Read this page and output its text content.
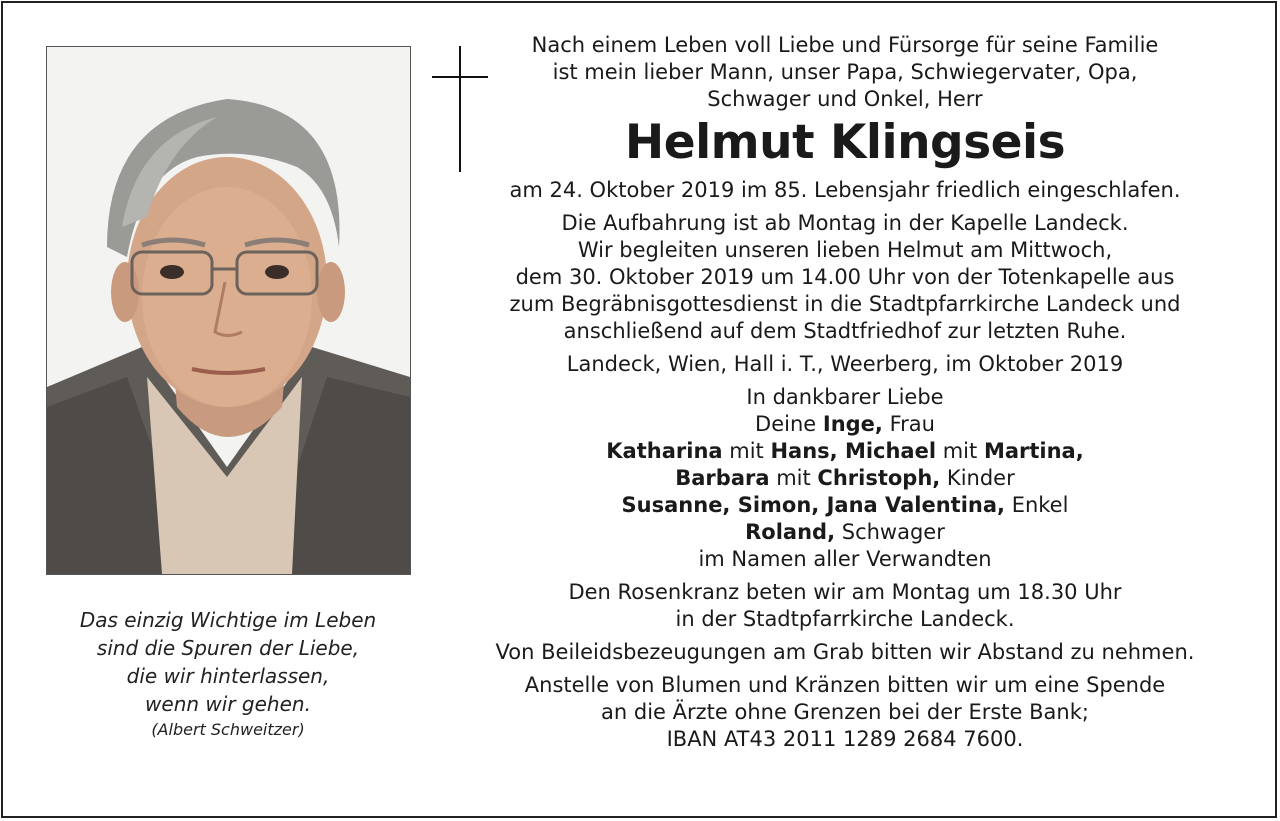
Das einzig Wichtige im Leben
sind die Spuren der Liebe,
die wir hinterlassen,
wenn wir gehen.
(Albert Schweitzer)

Nach einem Leben voll Liebe und Fürsorge für seine Familie

ist mein lieber Mann, unser Papa, Schwiegervater, Opa,

Schwager und Onkel, Herr

Helmut Klingseis

am 24. Oktober 2019 im 85. Lebensjahr friedlich eingeschlafen.

Die Aufbahrung ist ab Montag in der Kapelle Landeck.

Wir begleiten unseren lieben Helmut am Mittwoch,

dem 30. Oktober 2019 um 14.00 Uhr von der Totenkapelle aus

zum Begräbnisgottesdienst in die Stadtpfarrkirche Landeck und

anschließend auf dem Stadtfriedhof zur letzten Ruhe.

Landeck, Wien, Hall i. T., Weerberg, im Oktober 2019

In dankbarer Liebe

Deine Inge, Frau

Katharina mit Hans, Michael mit Martina,

Barbara mit Christoph, Kinder

Susanne, Simon, Jana Valentina, Enkel

Roland, Schwager

im Namen aller Verwandten

Den Rosenkranz beten wir am Montag um 18.30 Uhr

in der Stadtpfarrkirche Landeck.

Von Beileidsbezeugungen am Grab bitten wir Abstand zu nehmen.

Anstelle von Blumen und Kränzen bitten wir um eine Spende

an die Ärzte ohne Grenzen bei der Erste Bank;

IBAN AT43 2011 1289 2684 7600.
